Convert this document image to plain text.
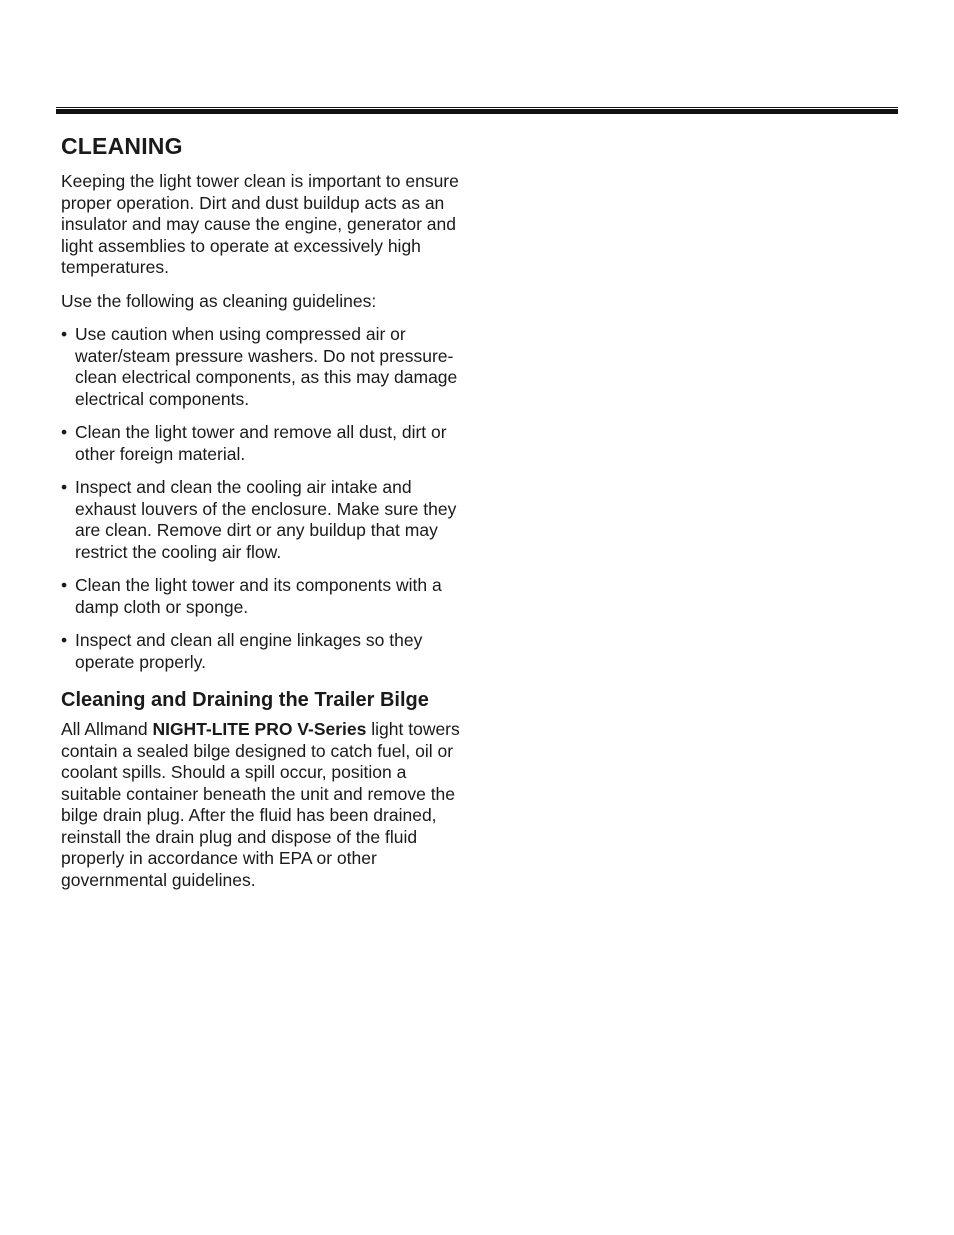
CLEANING

Keeping the light tower clean is important to ensure proper operation. Dirt and dust buildup acts as an insulator and may cause the engine, generator and light assemblies to operate at excessively high temperatures.

Use the following as cleaning guidelines:

• Use caution when using compressed air or water/steam pressure washers. Do not pressure-clean electrical components, as this may damage electrical components.
• Clean the light tower and remove all dust, dirt or other foreign material.
• Inspect and clean the cooling air intake and exhaust louvers of the enclosure. Make sure they are clean. Remove dirt or any buildup that may restrict the cooling air flow.
• Clean the light tower and its components with a damp cloth or sponge.
• Inspect and clean all engine linkages so they operate properly.
Cleaning and Draining the Trailer Bilge

All Allmand NIGHT-LITE PRO V-Series light towers contain a sealed bilge designed to catch fuel, oil or coolant spills. Should a spill occur, position a suitable container beneath the unit and remove the bilge drain plug. After the fluid has been drained, reinstall the drain plug and dispose of the fluid properly in accordance with EPA or other governmental guidelines.
